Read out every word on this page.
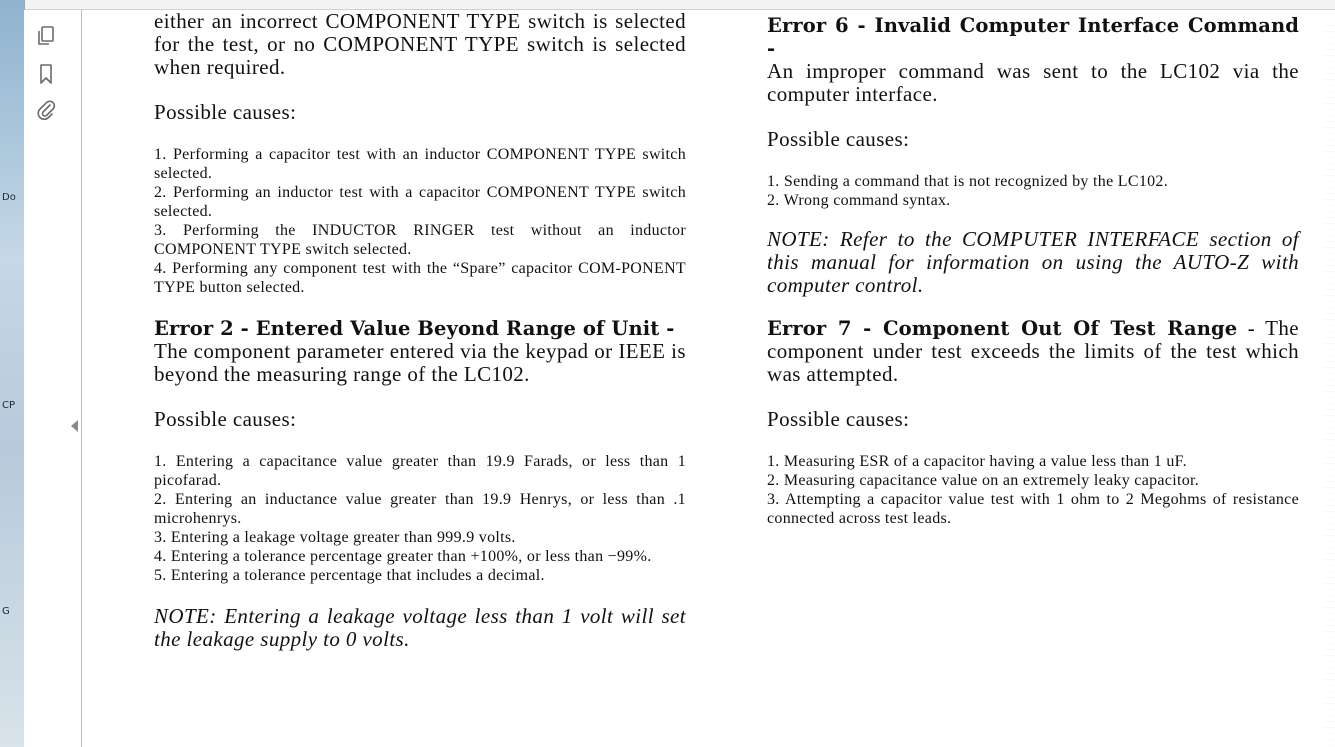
Do
CP
G

either an incorrect COMPONENT TYPE switch is selected for the test, or no COMPONENT TYPE switch is selected when required.

Possible causes:

1. Performing a capacitor test with an inductor COMPONENT TYPE switch selected.

2. Performing an inductor test with a capacitor COMPONENT TYPE switch selected.

3. Performing the INDUCTOR RINGER test without an inductor COMPONENT TYPE switch selected.

4. Performing any component test with the “Spare” capacitor COM-PONENT TYPE button selected.

Error 2 - Entered Value Beyond Range of Unit -
The component parameter entered via the keypad or IEEE is beyond the measuring range of the LC102.

Possible causes:

1. Entering a capacitance value greater than 19.9 Farads, or less than 1 picofarad.

2. Entering an inductance value greater than 19.9 Henrys, or less than .1 microhenrys.

3. Entering a leakage voltage greater than 999.9 volts.

4. Entering a tolerance percentage greater than +100%, or less than −99%.

5. Entering a tolerance percentage that includes a decimal.

NOTE: Entering a leakage voltage less than 1 volt will set the leakage supply to 0 volts.

Error 6 - Invalid Computer Interface Command -
An improper command was sent to the LC102 via the computer interface.

Possible causes:

1. Sending a command that is not recognized by the LC102.

2. Wrong command syntax.

NOTE: Refer to the COMPUTER INTERFACE section of this manual for information on using the AUTO-Z with computer control.

Error 7 - Component Out Of Test Range - The component under test exceeds the limits of the test which was attempted.

Possible causes:

1. Measuring ESR of a capacitor having a value less than 1 uF.

2. Measuring capacitance value on an extremely leaky capacitor.

3. Attempting a capacitor value test with 1 ohm to 2 Megohms of resistance connected across test leads.
